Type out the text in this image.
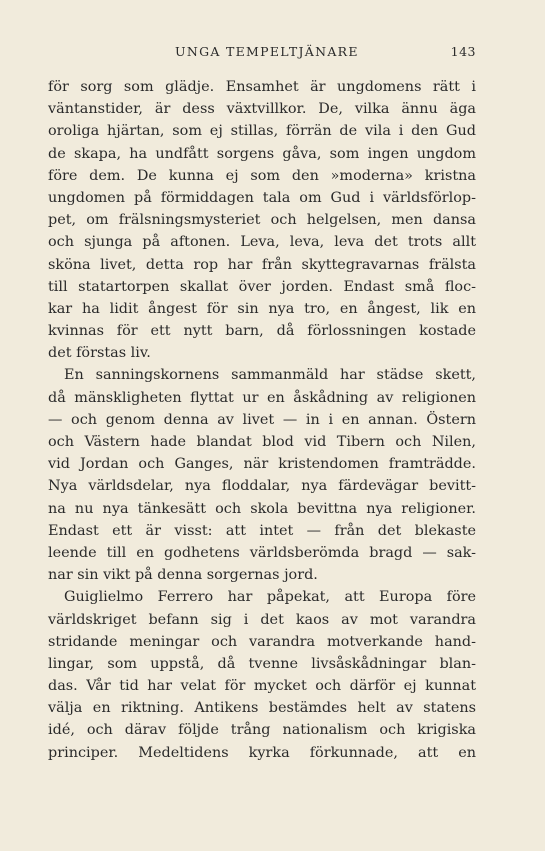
UNGA TEMPELTJÄNARE	143
för sorg som glädje. Ensamhet är ungdomens rätt i
väntanstider, är dess växtvillkor. De, vilka ännu äga
oroliga hjärtan, som ej stillas, förrän de vila i den Gud
de skapa, ha undfått sorgens gåva, som ingen ungdom
före dem. De kunna ej som den »moderna» kristna
ungdomen på förmiddagen tala om Gud i världsförlop-
pet, om frälsningsmysteriet och helgelsen, men dansa
och sjunga på aftonen. Leva, leva, leva det trots allt
sköna livet, detta rop har från skyttegravarnas frälsta
till statartorpen skallat över jorden. Endast små floc-
kar ha lidit ångest för sin nya tro, en ångest, lik en
kvinnas för ett nytt barn, då förlossningen kostade
det förstas liv.
En sanningskornens sammanmäld har städse skett,
då mänskligheten flyttat ur en åskådning av religionen
— och genom denna av livet — in i en annan. Östern
och Västern hade blandat blod vid Tibern och Nilen,
vid Jordan och Ganges, när kristendomen framträdde.
Nya världsdelar, nya floddalar, nya färdevägar bevitt-
na nu nya tänkesätt och skola bevittna nya religioner.
Endast ett är visst: att intet — från det blekaste
leende till en godhetens världsberömda bragd — sak-
nar sin vikt på denna sorgernas jord.
Guiglielmo Ferrero har påpekat, att Europa före
världskriget befann sig i det kaos av mot varandra
stridande meningar och varandra motverkande hand-
lingar, som uppstå, då tvenne livsåskådningar blan-
das. Vår tid har velat för mycket och därför ej kunnat
välja en riktning. Antikens bestämdes helt av statens
idé, och därav följde trång nationalism och krigiska
principer. Medeltidens kyrka förkunnade, att en
